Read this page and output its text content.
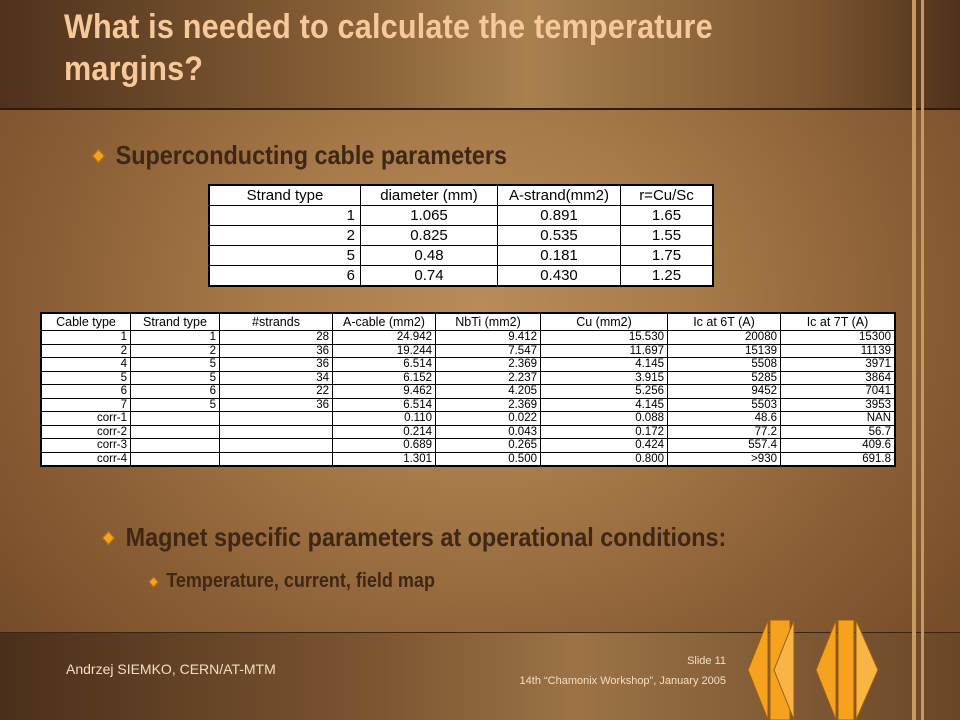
What is needed to calculate the temperature margins?
Superconducting cable parameters
Strand type	diameter (mm)	A-strand(mm2)	r=Cu/Sc
1	1.065	0.891	1.65
2	0.825	0.535	1.55
5	0.48	0.181	1.75
6	0.74	0.430	1.25
Cable type	Strand type	#strands	A-cable (mm2)	NbTi (mm2)	Cu (mm2)	Ic at 6T (A)	Ic at 7T (A)
1	1	28	24.942	9.412	15.530	20080	15300
2	2	36	19.244	7.547	11.697	15139	11139
4	5	36	6.514	2.369	4.145	5508	3971
5	5	34	6.152	2.237	3.915	5285	3864
6	6	22	9.462	4.205	5.256	9452	7041
7	5	36	6.514	2.369	4.145	5503	3953
corr-1			0.110	0.022	0.088	48.6	NAN
corr-2			0.214	0.043	0.172	77.2	56.7
corr-3			0.689	0.265	0.424	557.4	409.6
corr-4			1.301	0.500	0.800	>930	691.8
Magnet specific parameters at operational conditions:
Temperature, current, field map
Andrzej SIEMKO, CERN/AT-MTM	Slide 11
14th “Chamonix Workshop”, January 2005
